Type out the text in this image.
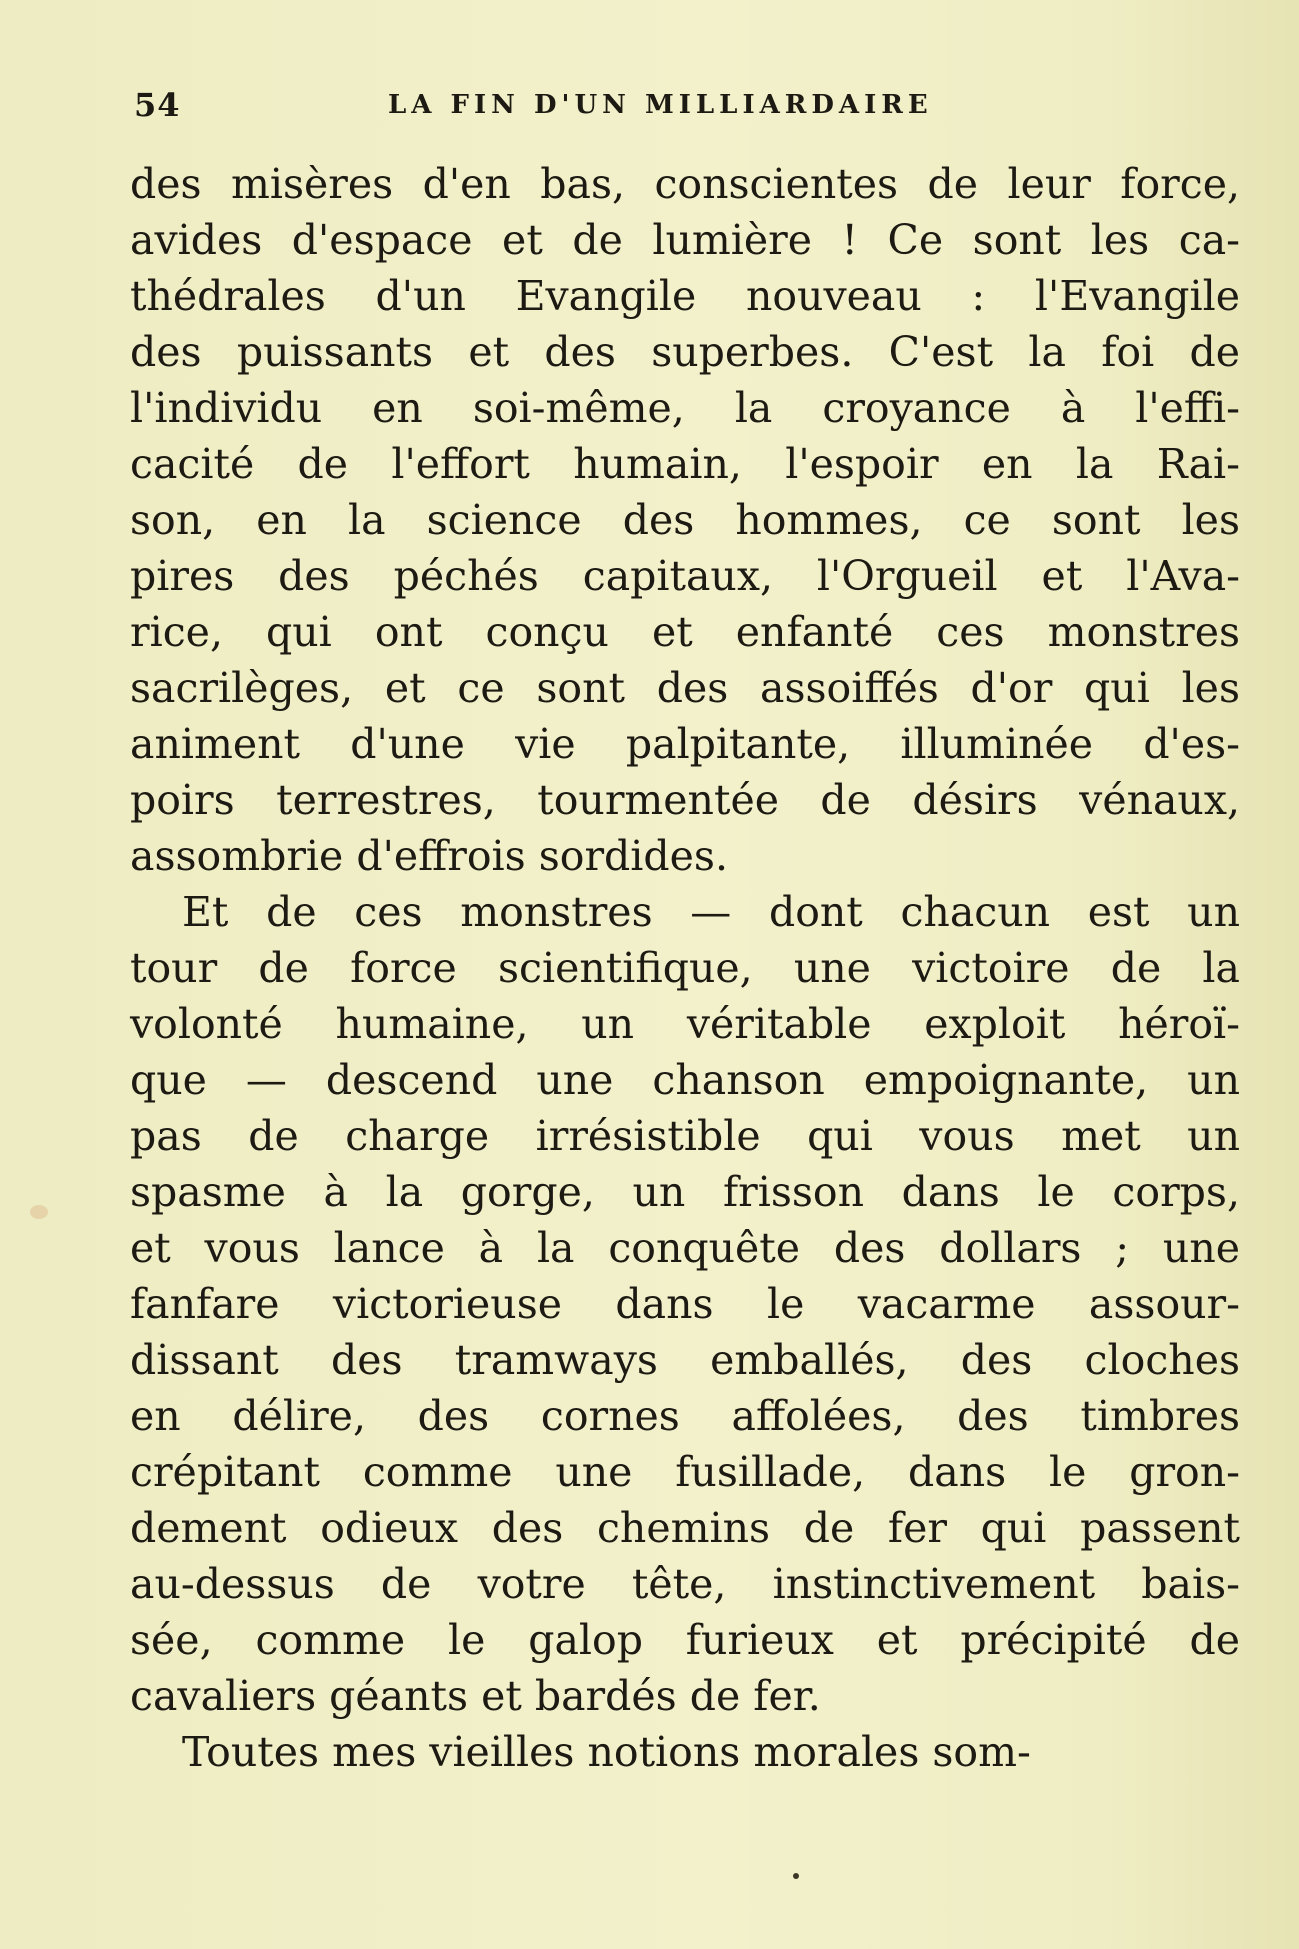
54	LA FIN D'UN MILLIARDAIRE
des misères d'en bas, conscientes de leur force,
avides d'espace et de lumière ! Ce sont les ca-
thédrales d'un Evangile nouveau : l'Evangile
des puissants et des superbes. C'est la foi de
l'individu en soi-même, la croyance à l'effi-
cacité de l'effort humain, l'espoir en la Rai-
son, en la science des hommes, ce sont les
pires des péchés capitaux, l'Orgueil et l'Ava-
rice, qui ont conçu et enfanté ces monstres
sacrilèges, et ce sont des assoiffés d'or qui les
animent d'une vie palpitante, illuminée d'es-
poirs terrestres, tourmentée de désirs vénaux,
assombrie d'effrois sordides.
Et de ces monstres — dont chacun est un
tour de force scientifique, une victoire de la
volonté humaine, un véritable exploit héroï-
que — descend une chanson empoignante, un
pas de charge irrésistible qui vous met un
spasme à la gorge, un frisson dans le corps,
et vous lance à la conquête des dollars ; une
fanfare victorieuse dans le vacarme assour-
dissant des tramways emballés, des cloches
en délire, des cornes affolées, des timbres
crépitant comme une fusillade, dans le gron-
dement odieux des chemins de fer qui passent
au-dessus de votre tête, instinctivement bais-
sée, comme le galop furieux et précipité de
cavaliers géants et bardés de fer.
Toutes mes vieilles notions morales som-
